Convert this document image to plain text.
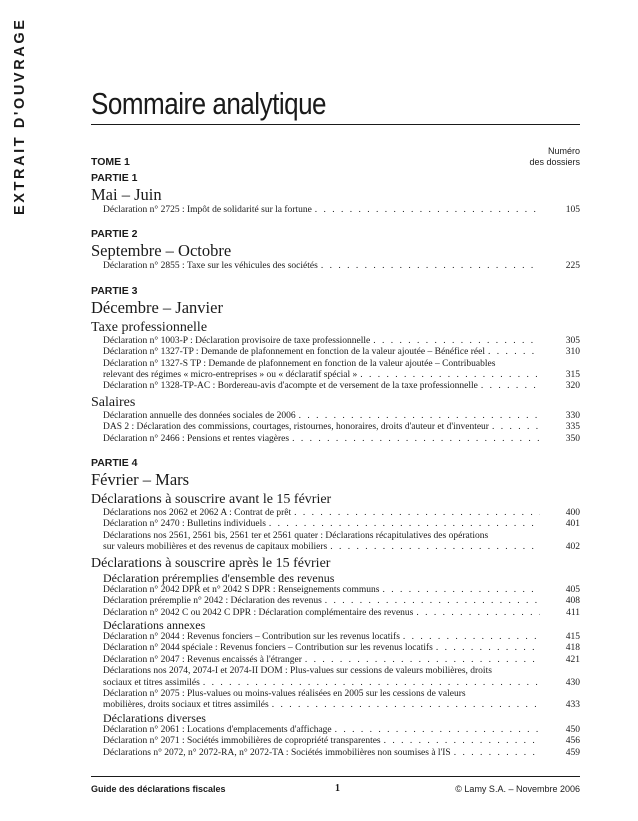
EXTRAIT D'OUVRAGE Sommaire analytique
Numéro
des dossiers
TOME 1
PARTIE 1
Mai – Juin
Déclaration n° 2725 : Impôt de solidarité sur la fortune . . .	105
PARTIE 2
Septembre – Octobre
Déclaration n° 2855 : Taxe sur les véhicules des sociétés . . .	225
PARTIE 3
Décembre – Janvier
Taxe professionnelle
Déclaration n° 1003-P : Déclaration provisoire de taxe professionnelle . . .	305
Déclaration n° 1327-TP : Demande de plafonnement en fonction de la valeur ajoutée – Bénéfice réel . . .	310
Déclaration n° 1327-S TP : Demande de plafonnement en fonction de la valeur ajoutée – Contribuables
relevant des régimes « micro-entreprises » ou « déclaratif spécial » . . .	315
Déclaration n° 1328-TP-AC : Bordereau-avis d'acompte et de versement de la taxe professionnelle . . .	320
Salaires
Déclaration annuelle des données sociales de 2006 . . .	330
DAS 2 : Déclaration des commissions, courtages, ristournes, honoraires, droits d'auteur et d'inventeur . . .	335
Déclaration n° 2466 : Pensions et rentes viagères . . .	350
PARTIE 4
Février – Mars
Déclarations à souscrire avant le 15 février
Déclarations nos 2062 et 2062 A : Contrat de prêt . . .	400
Déclaration n° 2470 : Bulletins individuels . . .	401
Déclarations nos 2561, 2561 bis, 2561 ter et 2561 quater : Déclarations récapitulatives des opérations
sur valeurs mobilières et des revenus de capitaux mobiliers . . .	402
Déclarations à souscrire après le 15 février
Déclaration préremplies d'ensemble des revenus
Déclaration n° 2042 DPR et n° 2042 S DPR : Renseignements communs . . .	405
Déclaration préremplie n° 2042 : Déclaration des revenus . . .	408
Déclaration n° 2042 C ou 2042 C DPR : Déclaration complémentaire des revenus . . .	411
Déclarations annexes
Déclaration n° 2044 : Revenus fonciers – Contribution sur les revenus locatifs . . .	415
Déclaration n° 2044 spéciale : Revenus fonciers – Contribution sur les revenus locatifs . . .	418
Déclaration n° 2047 : Revenus encaissés à l'étranger . . .	421
Déclarations nos 2074, 2074-I et 2074-II DOM : Plus-values sur cessions de valeurs mobilières, droits
sociaux et titres assimilés . . .	430
Déclaration n° 2075 : Plus-values ou moins-values réalisées en 2005 sur les cessions de valeurs
mobilières, droits sociaux et titres assimilés . . .	433
Déclarations diverses
Déclaration n° 2061 : Locations d'emplacements d'affichage . . .	450
Déclaration n° 2071 : Sociétés immobilières de copropriété transparentes . . .	456
Déclarations n° 2072, n° 2072-RA, n° 2072-TA : Sociétés immobilières non soumises à l'IS . . .	459
Guide des déclarations fiscales	1	© Lamy S.A. – Novembre 2006
